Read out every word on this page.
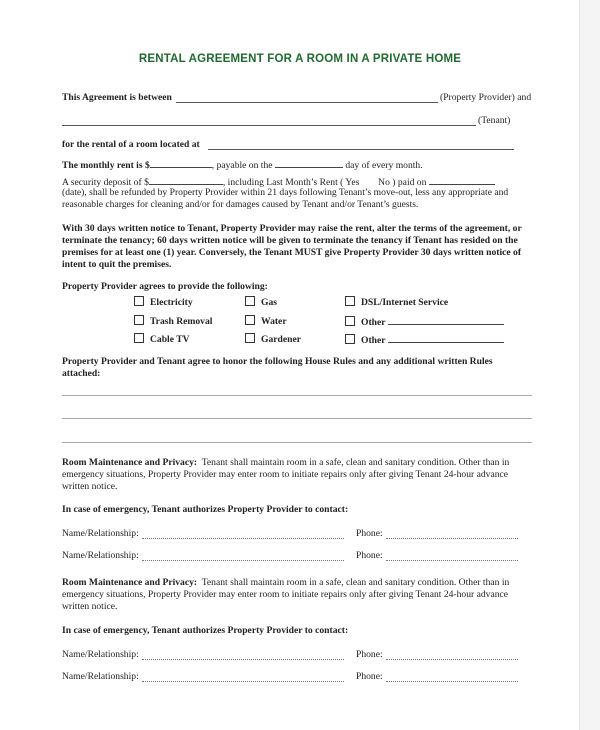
RENTAL AGREEMENT FOR A ROOM IN A PRIVATE HOME
This Agreement is between	(Property Provider) and
(Tenant)
for the rental of a room located at
The monthly rent is $	, payable on the	day of every month.
A security deposit of $	, including Last Month’s Rent ( Yes No ) paid on
(date), shall be refunded by Property Provider within 21 days following Tenant’s move-out, less any appropriate and
reasonable charges for cleaning and/or for damages caused by Tenant and/or Tenant’s guests.
With 30 days written notice to Tenant, Property Provider may raise the rent, alter the terms of the agreement, or
terminate the tenancy; 60 days written notice will be given to terminate the tenancy if Tenant has resided on the
premises for at least one (1) year. Conversely, the Tenant MUST give Property Provider 30 days written notice of
intent to quit the premises.
Property Provider agrees to provide the following:
Electricity	Gas	DSL/Internet Service
Trash Removal	Water	Other
Cable TV	Gardener	Other
Property Provider and Tenant agree to honor the following House Rules and any additional written Rules
attached:
Room Maintenance and Privacy: Tenant shall maintain room in a safe, clean and sanitary condition. Other than in
emergency situations, Property Provider may enter room to initiate repairs only after giving Tenant 24-hour advance
written notice.
In case of emergency, Tenant authorizes Property Provider to contact:
Name/Relationship:	Phone:
Name/Relationship:	Phone:
Room Maintenance and Privacy: Tenant shall maintain room in a safe, clean and sanitary condition. Other than in
emergency situations, Property Provider may enter room to initiate repairs only after giving Tenant 24-hour advance
written notice.
In case of emergency, Tenant authorizes Property Provider to contact:
Name/Relationship:	Phone:
Name/Relationship:	Phone:
